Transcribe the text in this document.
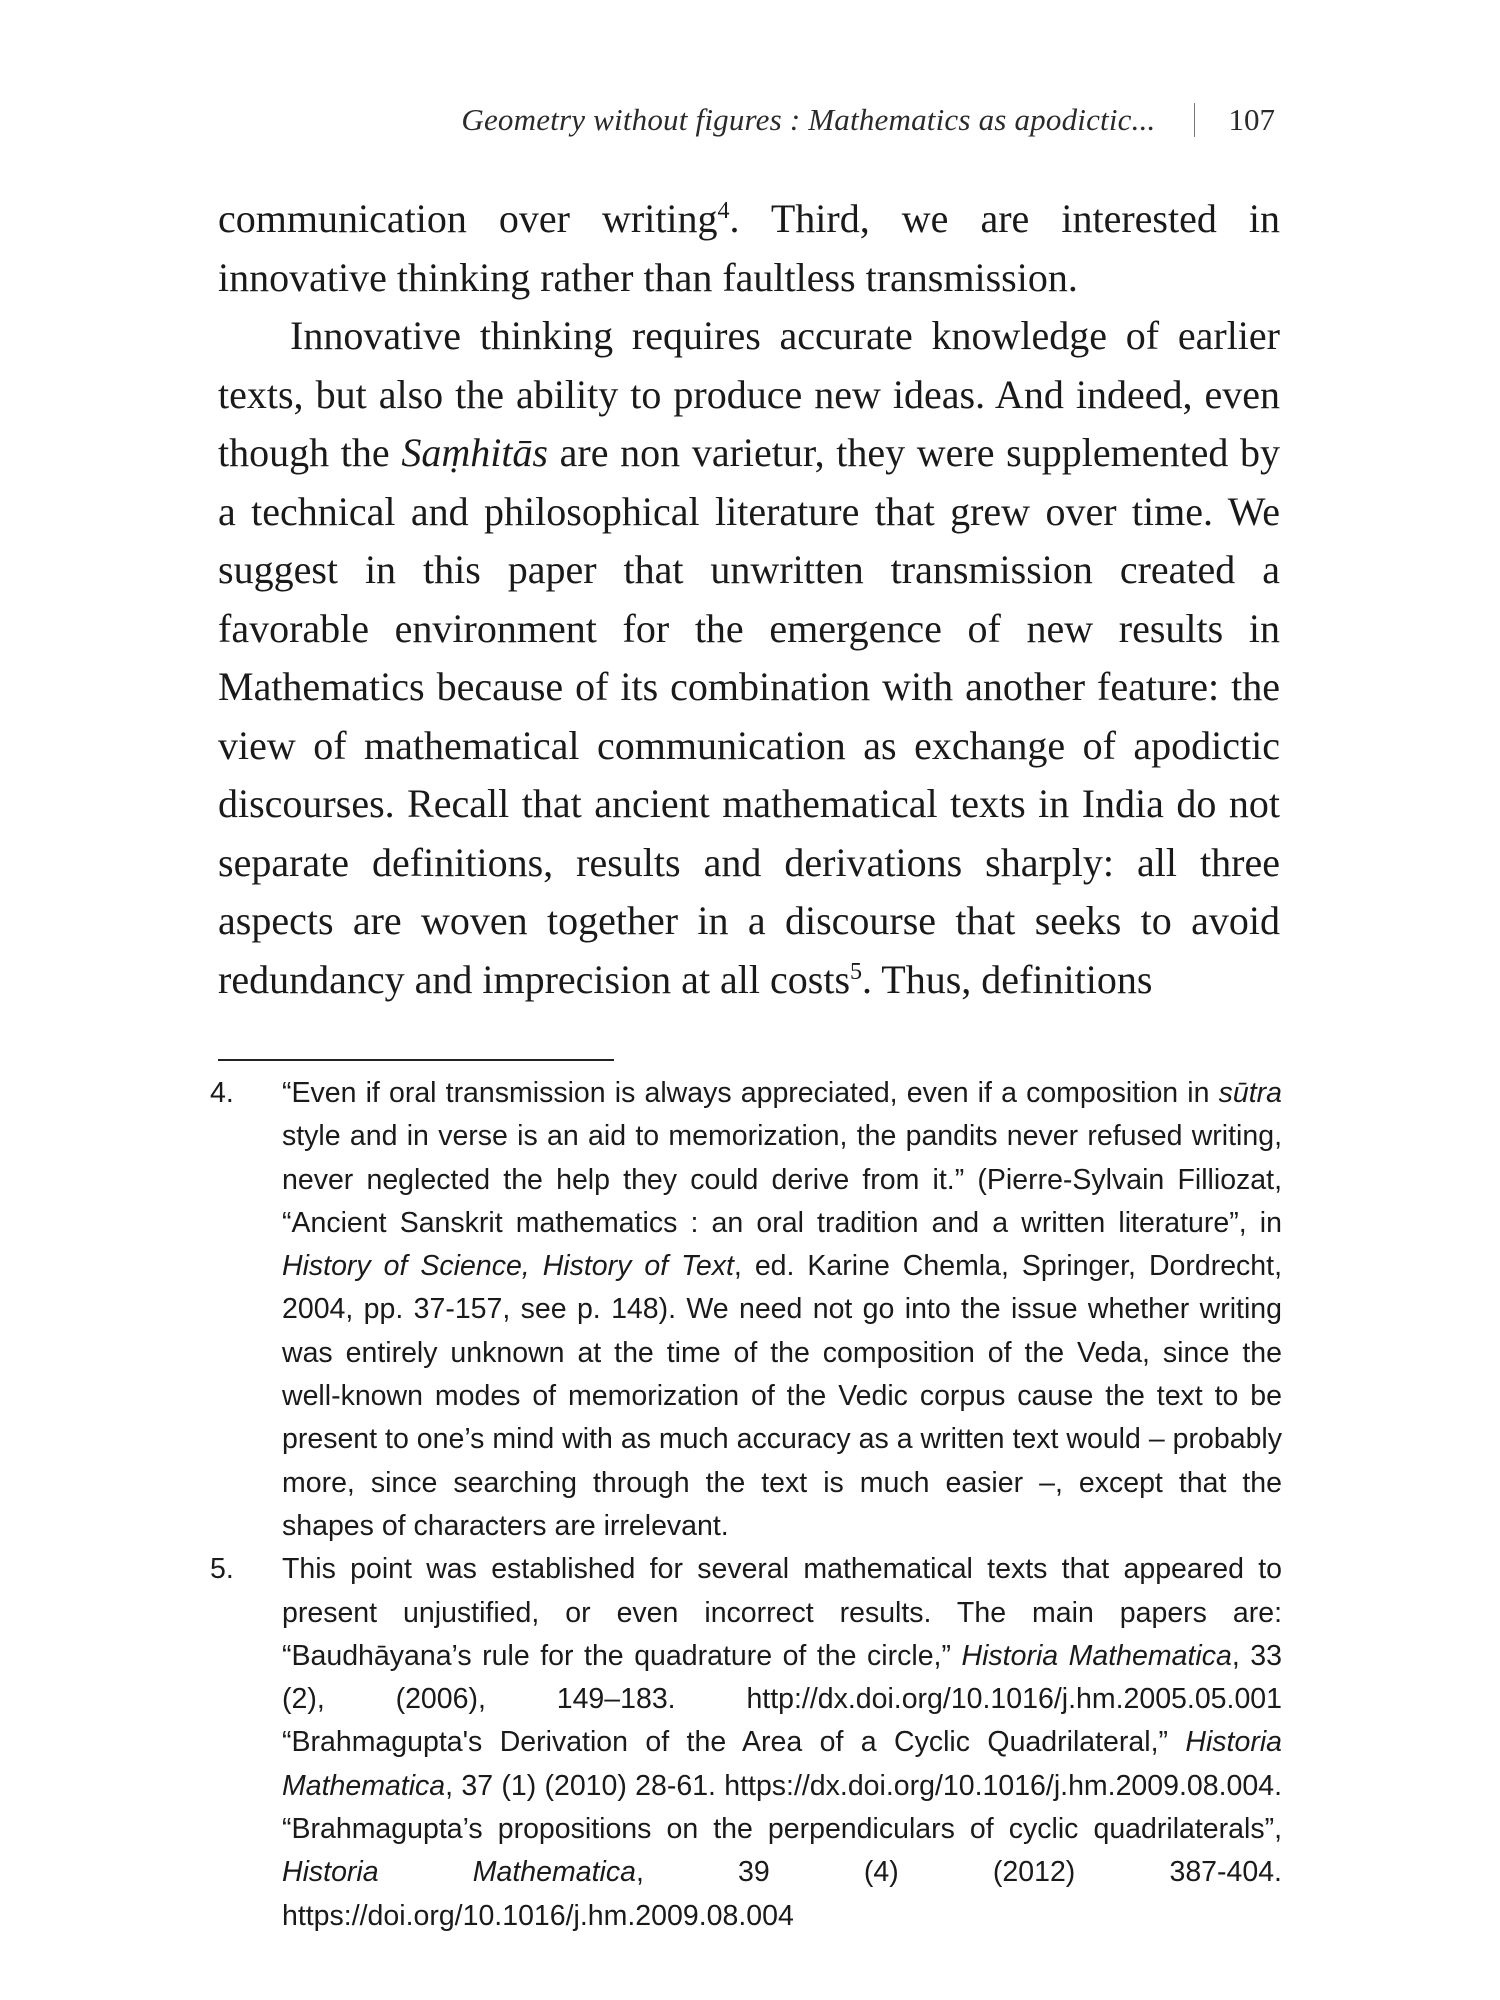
Geometry without figures : Mathematics as apodictic... 107

communication over writing$^4$. Third, we are interested in innovative thinking rather than faultless transmission.

Innovative thinking requires accurate knowledge of earlier texts, but also the ability to produce new ideas. And indeed, even though the Saṃhitās are non varietur, they were supplemented by a technical and philosophical literature that grew over time. We suggest in this paper that unwritten transmission created a favorable environment for the emergence of new results in Mathematics because of its combination with another feature: the view of mathematical communication as exchange of apodictic discourses. Recall that ancient mathematical texts in India do not separate definitions, results and derivations sharply: all three aspects are woven together in a discourse that seeks to avoid redundancy and imprecision at all costs$^5$. Thus, definitions

4.	“Even if oral transmission is always appreciated, even if a composition in sūtra style and in verse is an aid to memorization, the pandits never refused writing, never neglected the help they could derive from it.” (Pierre-Sylvain Filliozat, “Ancient Sanskrit mathematics : an oral tradition and a written literature”, in History of Science, History of Text, ed. Karine Chemla, Springer, Dordrecht, 2004, pp. 37-157, see p. 148). We need not go into the issue whether writing was entirely unknown at the time of the composition of the Veda, since the well-known modes of memorization of the Vedic corpus cause the text to be present to one’s mind with as much accuracy as a written text would – probably more, since searching through the text is much easier –, except that the shapes of characters are irrelevant.
5.	This point was established for several mathematical texts that appeared to present unjustified, or even incorrect results. The main papers are: “Baudhāyana’s rule for the quadrature of the circle,” Historia Mathematica, 33 (2), (2006), 149–183. http://dx.doi.org/10.1016/j.hm.2005.05.001 “Brahmagupta's Derivation of the Area of a Cyclic Quadrilateral,” Historia Mathematica, 37 (1) (2010) 28-61. https://dx.doi.org/10.1016/j.hm.2009.08.004. “Brahmagupta’s propositions on the perpendiculars of cyclic quadrilaterals”, Historia Mathematica, 39 (4) (2012) 387-404. https://doi.org/10.1016/j.hm.2009.08.004
